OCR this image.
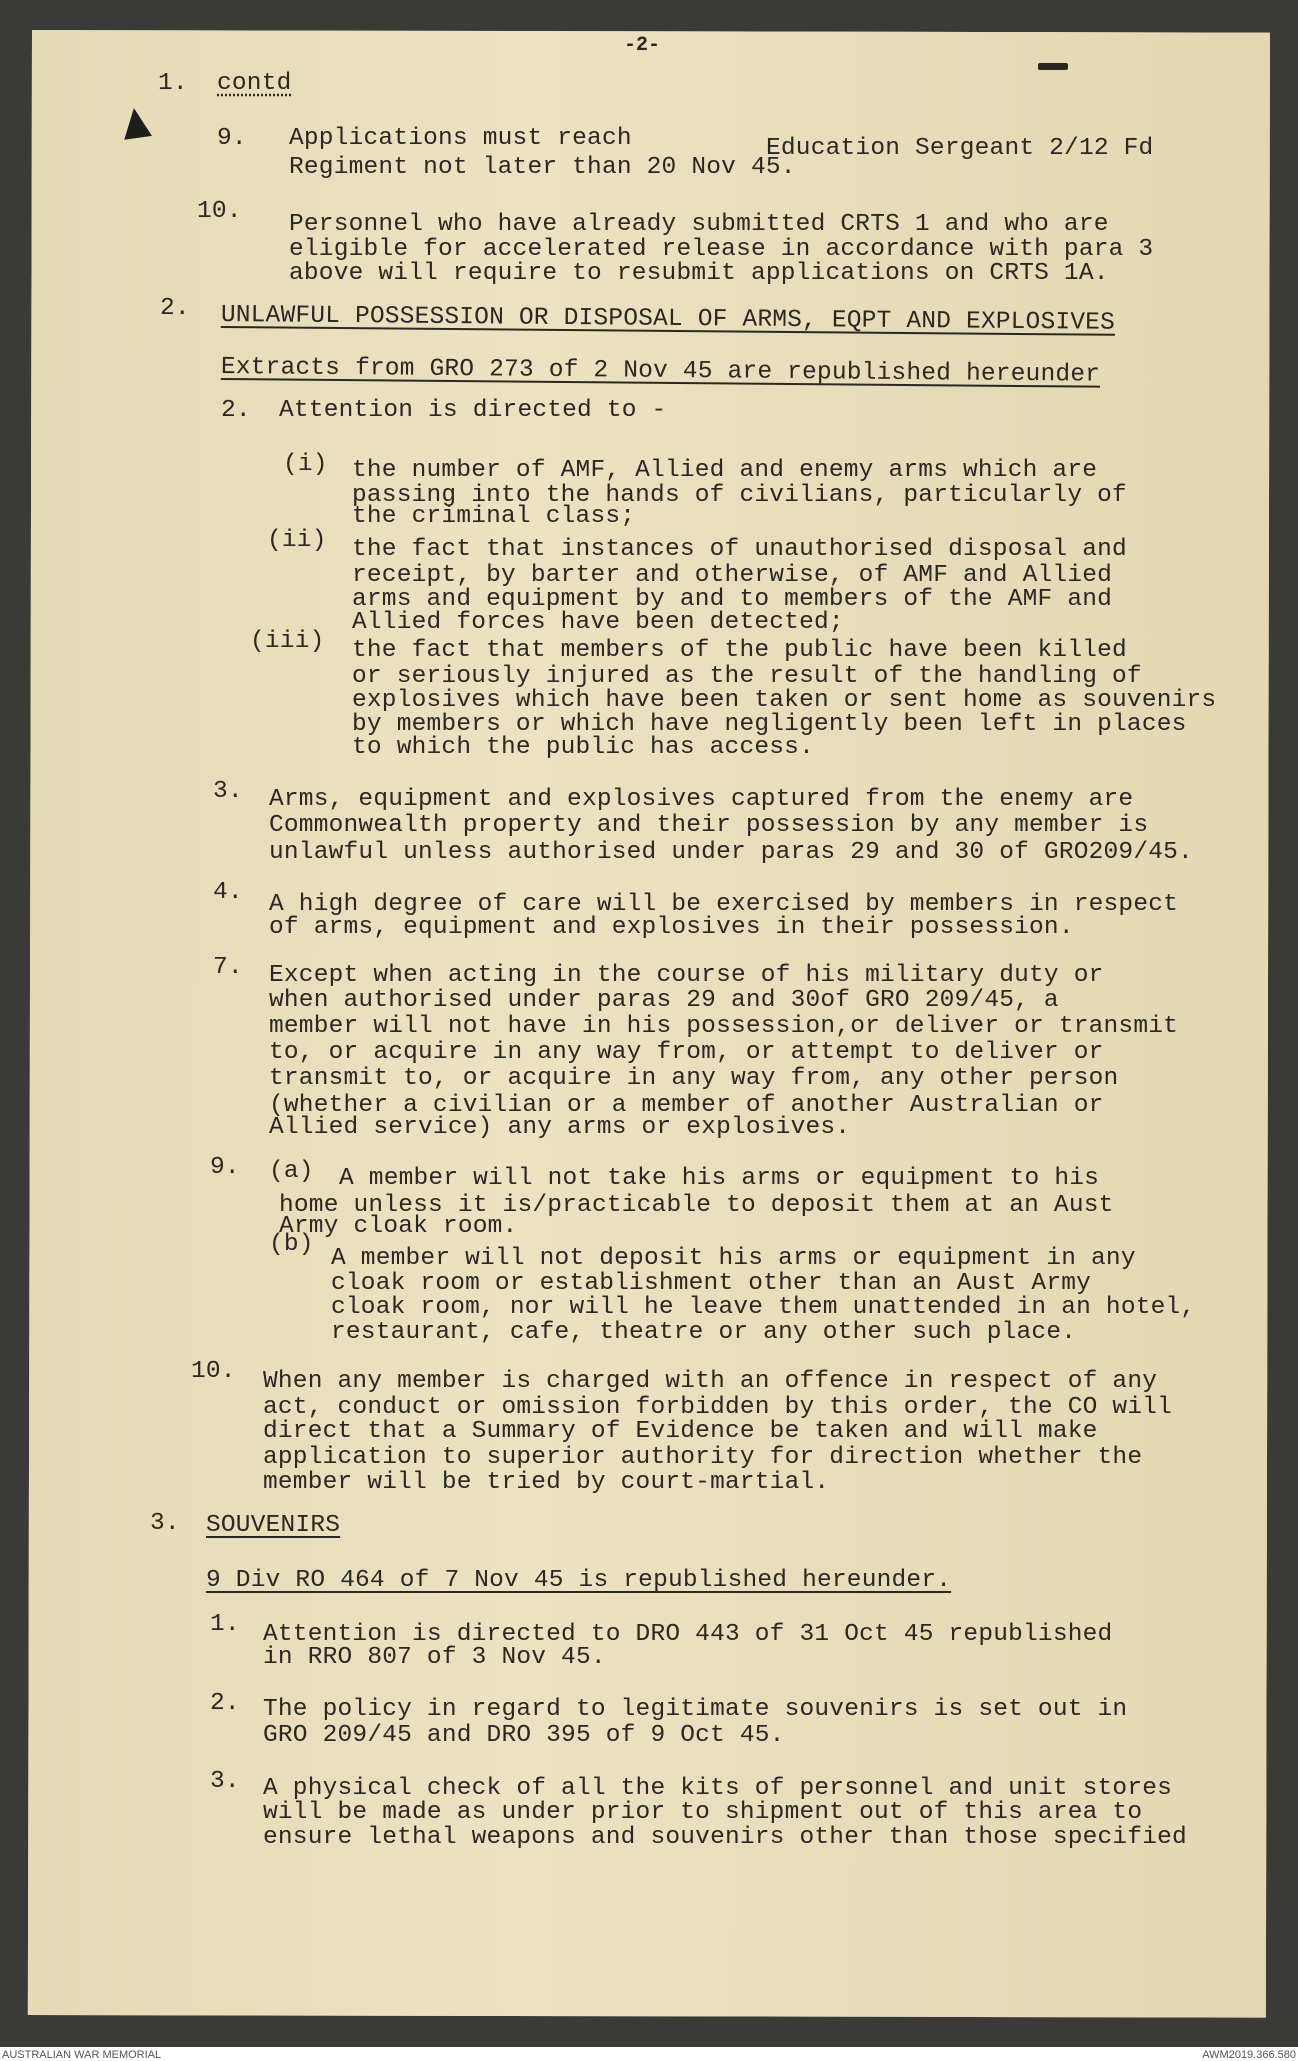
-2-
1. contd
9. Applications must reach	Education Sergeant 2/12 Fd
Regiment not later than 20 Nov 45.
10. Personnel who have already submitted CRTS 1 and who are
eligible for accelerated release in accordance with para 3
above will require to resubmit applications on CRTS 1A.
2. UNLAWFUL POSSESSION OR DISPOSAL OF ARMS, EQPT AND EXPLOSIVES
Extracts from GRO 273 of 2 Nov 45 are republished hereunder
2. Attention is directed to -
(i) the number of AMF, Allied and enemy arms which are
passing into the hands of civilians, particularly of
the criminal class;
(ii) the fact that instances of unauthorised disposal and
receipt, by barter and otherwise, of AMF and Allied
arms and equipment by and to members of the AMF and
Allied forces have been detected;
(iii) the fact that members of the public have been killed
or seriously injured as the result of the handling of
explosives which have been taken or sent home as souvenirs
by members or which have negligently been left in places
to which the public has access.
3. Arms, equipment and explosives captured from the enemy are
Commonwealth property and their possession by any member is
unlawful unless authorised under paras 29 and 30 of GRO209/45.
4. A high degree of care will be exercised by members in respect
of arms, equipment and explosives in their possession.
7. Except when acting in the course of his military duty or
when authorised under paras 29 and 30of GRO 209/45, a
member will not have in his possession,or deliver or transmit
to, or acquire in any way from, or attempt to deliver or
transmit to, or acquire in any way from, any other person
(whether a civilian or a member of another Australian or
Allied service) any arms or explosives.
9. (a) A member will not take his arms or equipment to his
home unless it is/practicable to deposit them at an Aust
Army cloak room.
(b)
A member will not deposit his arms or equipment in any
cloak room or establishment other than an Aust Army
cloak room, nor will he leave them unattended in an hotel,
restaurant, cafe, theatre or any other such place.
10. When any member is charged with an offence in respect of any
act, conduct or omission forbidden by this order, the CO will
direct that a Summary of Evidence be taken and will make
application to superior authority for direction whether the
member will be tried by court-martial.
3. SOUVENIRS
9 Div RO 464 of 7 Nov 45 is republished hereunder.
1. Attention is directed to DRO 443 of 31 Oct 45 republished
in RRO 807 of 3 Nov 45.
2. The policy in regard to legitimate souvenirs is set out in
GRO 209/45 and DRO 395 of 9 Oct 45.
3. A physical check of all the kits of personnel and unit stores
will be made as under prior to shipment out of this area to
ensure lethal weapons and souvenirs other than those specified
AUSTRALIAN WAR MEMORIAL	AWM2019.366.580
